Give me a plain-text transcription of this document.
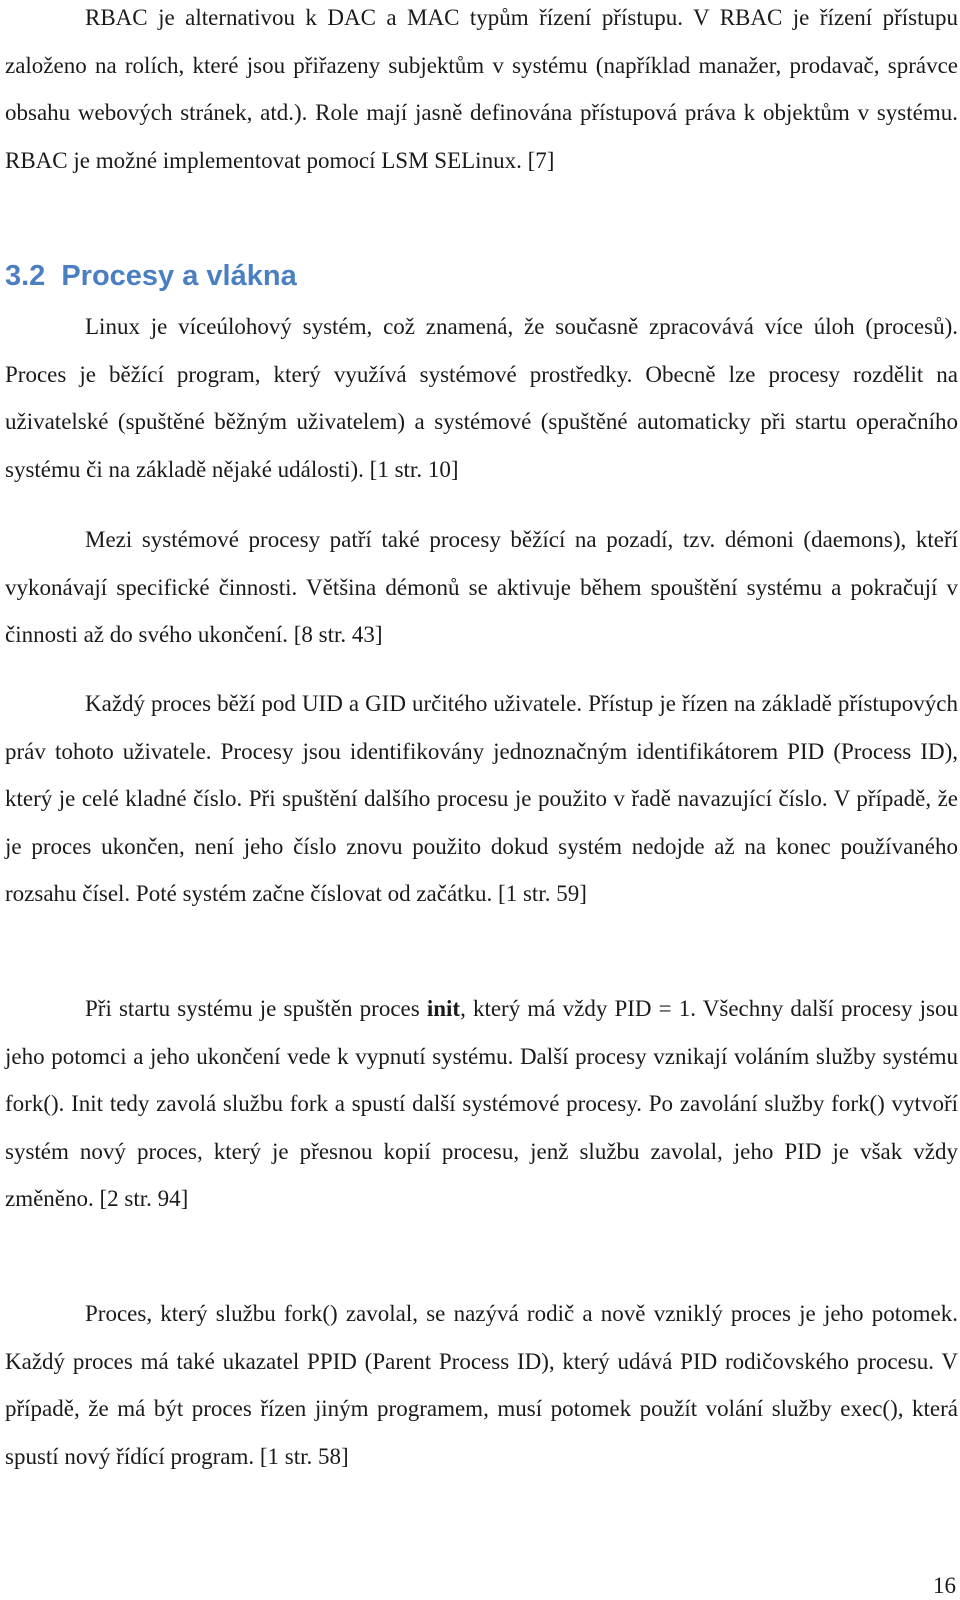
RBAC je alternativou k DAC a MAC typům řízení přístupu. V RBAC je řízení přístupu založeno na rolích, které jsou přiřazeny subjektům v systému (například manažer, prodavač, správce obsahu webových stránek, atd.). Role mají jasně definována přístupová práva k objektům v systému. RBAC je možné implementovat pomocí LSM SELinux. [7]

3.2 Procesy a vlákna

Linux je víceúlohový systém, což znamená, že současně zpracovává více úloh (procesů). Proces je běžící program, který využívá systémové prostředky. Obecně lze procesy rozdělit na uživatelské (spuštěné běžným uživatelem) a systémové (spuštěné automaticky při startu operačního systému či na základě nějaké události). [1 str. 10]

Mezi systémové procesy patří také procesy běžící na pozadí, tzv. démoni (daemons), kteří vykonávají specifické činnosti. Většina démonů se aktivuje během spouštění systému a pokračují v činnosti až do svého ukončení. [8 str. 43]

Každý proces běží pod UID a GID určitého uživatele. Přístup je řízen na základě přístupových práv tohoto uživatele. Procesy jsou identifikovány jednoznačným identifikátorem PID (Process ID), který je celé kladné číslo. Při spuštění dalšího procesu je použito v řadě navazující číslo. V případě, že je proces ukončen, není jeho číslo znovu použito dokud systém nedojde až na konec používaného rozsahu čísel. Poté systém začne číslovat od začátku. [1 str. 59]

Při startu systému je spuštěn proces init, který má vždy PID = 1. Všechny další procesy jsou jeho potomci a jeho ukončení vede k vypnutí systému. Další procesy vznikají voláním služby systému fork(). Init tedy zavolá službu fork a spustí další systémové procesy. Po zavolání služby fork() vytvoří systém nový proces, který je přesnou kopií procesu, jenž službu zavolal, jeho PID je však vždy změněno. [2 str. 94]

Proces, který službu fork() zavolal, se nazývá rodič a nově vzniklý proces je jeho potomek. Každý proces má také ukazatel PPID (Parent Process ID), který udává PID rodičovského procesu. V případě, že má být proces řízen jiným programem, musí potomek použít volání služby exec(), která spustí nový řídící program. [1 str. 58]

16
